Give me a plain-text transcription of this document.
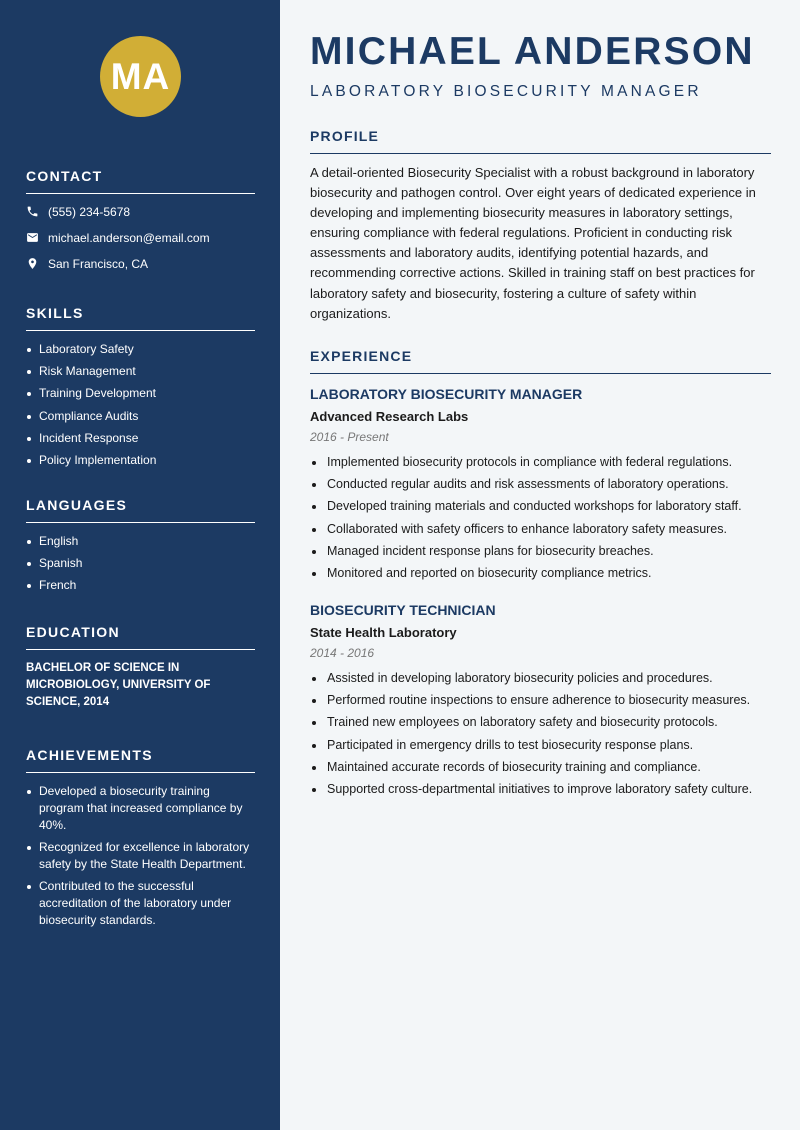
MA
CONTACT
(555) 234-5678
michael.anderson@email.com
San Francisco, CA
SKILLS
Laboratory Safety
Risk Management
Training Development
Compliance Audits
Incident Response
Policy Implementation
LANGUAGES
English
Spanish
French
EDUCATION
BACHELOR OF SCIENCE IN MICROBIOLOGY, UNIVERSITY OF SCIENCE, 2014
ACHIEVEMENTS
Developed a biosecurity training program that increased compliance by 40%.
Recognized for excellence in laboratory safety by the State Health Department.
Contributed to the successful accreditation of the laboratory under biosecurity standards.
MICHAEL ANDERSON
LABORATORY BIOSECURITY MANAGER
PROFILE
A detail-oriented Biosecurity Specialist with a robust background in laboratory biosecurity and pathogen control. Over eight years of dedicated experience in developing and implementing biosecurity measures in laboratory settings, ensuring compliance with federal regulations. Proficient in conducting risk assessments and laboratory audits, identifying potential hazards, and recommending corrective actions. Skilled in training staff on best practices for laboratory safety and biosecurity, fostering a culture of safety within organizations.
EXPERIENCE
LABORATORY BIOSECURITY MANAGER
Advanced Research Labs
2016 - Present
Implemented biosecurity protocols in compliance with federal regulations.
Conducted regular audits and risk assessments of laboratory operations.
Developed training materials and conducted workshops for laboratory staff.
Collaborated with safety officers to enhance laboratory safety measures.
Managed incident response plans for biosecurity breaches.
Monitored and reported on biosecurity compliance metrics.
BIOSECURITY TECHNICIAN
State Health Laboratory
2014 - 2016
Assisted in developing laboratory biosecurity policies and procedures.
Performed routine inspections to ensure adherence to biosecurity measures.
Trained new employees on laboratory safety and biosecurity protocols.
Participated in emergency drills to test biosecurity response plans.
Maintained accurate records of biosecurity training and compliance.
Supported cross-departmental initiatives to improve laboratory safety culture.
